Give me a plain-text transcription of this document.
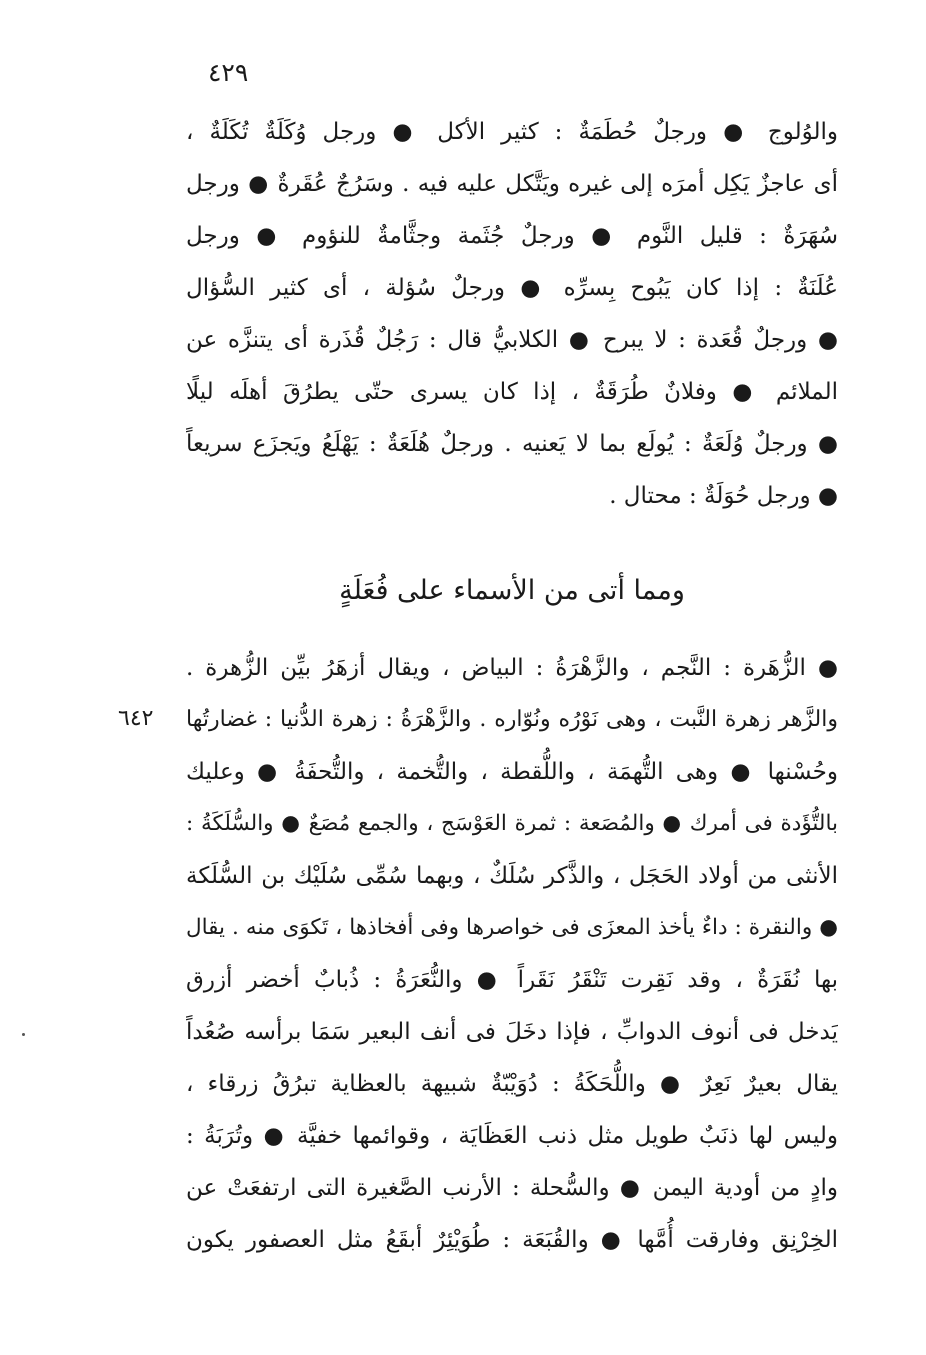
٤٢٩
والوُلوج ● ورجلٌ حُطَمَةٌ : كثير الأكل ● ورجل وُكَلَةٌ تُكَلَةٌ ،
أى عاجزٌ يَكِل أمرَه إلى غيره ويَتَّكل عليه فيه . وسَرُجٌ عُقَرةٌ ● ورجل
سُهَرَةٌ : قليل النَّوم ● ورجلٌ جُثَمة وجثَّامةٌ للنؤوم ● ورجل
عُلَنَةٌ : إذا كان يَبُوح بِسرِّه ● ورجلٌ سُؤلة ، أى كثير السُّؤال
● ورجلٌ قُعَدة : لا يبرح ● الكلابيُّ قال : رَجُلٌ قُذَرة أى يتنزَّه عن
الملائم ● وفلانٌ طُرَقَةٌ ، إذا كان يسرى حتّى يطرُقَ أهلَه ليلًا
● ورجلٌ وُلَعَةٌ : يُولَع بما لا يَعنيه . ورجلٌ هُلَعَةٌ : يَهْلَعُ ويَجزَع سريعاً
● ورجل حُوَلَةٌ : محتال .
ومما أتى من الأسماء على فُعَلَةٍ
● الزُّهَرة : النَّجم ، والزَّهْرَةُ : البياض ، ويقال أزهَرُ بيِّن الزُّهرة .
والزَّهر زهرة النَّبت ، وهى نَوْرُه ونُوّاره . والزَّهْرَةُ : زهرة الدُّنيا : غضارتُها
وحُسْنها ● وهى التُّهمَة ، واللُّقطة ، والتُّخمة ، والتُّحفَةُ ● وعليك
بالتُّؤَدة فى أمرك ● والمُصَعة : ثمرة العَوْسَج ، والجمع مُصَعٌ ● والسُّلَكَةُ :
الأنثى من أولاد الحَجَل ، والذَّكر سُلَكٌ ، وبهما سُمِّى سُلَيْك بن السُّلَكة
● والنقرة : داءٌ يأخذ المعزَى فى خواصرها وفى أفخاذها ، تَكوَى منه . يقال
بها نُقَرَةٌ ، وقد نَقِرت تَنْقَرُ نَقَراً ● والنُّعَرَةُ : ذُبابٌ أخضر أزرق
يَدخل فى أنوف الدوابِّ ، فإذا دخَلَ فى أنف البعير سَمَا برأسه صُعُداً
يقال بعيرٌ نَعِرٌ ● واللُّحَكَةُ : دُوَيْبّةٌ شبيهة بالعظاية تبرُقُ زرقاء ،
وليس لها ذنَبٌ طويل مثل ذنب العَظَايَة ، وقوائمها خفيَّة ● وتُرَبَةُ :
وادٍ من أودية اليمن ● والسُّحلة : الأرنب الصَّغيرة التى ارتفعَتْ عن
الخِرْنِق وفارقت أُمَّها ● والقُبَعَة : طُوَيْئِرٌ أبقَعُ مثل العصفور يكون
٦٤٢
